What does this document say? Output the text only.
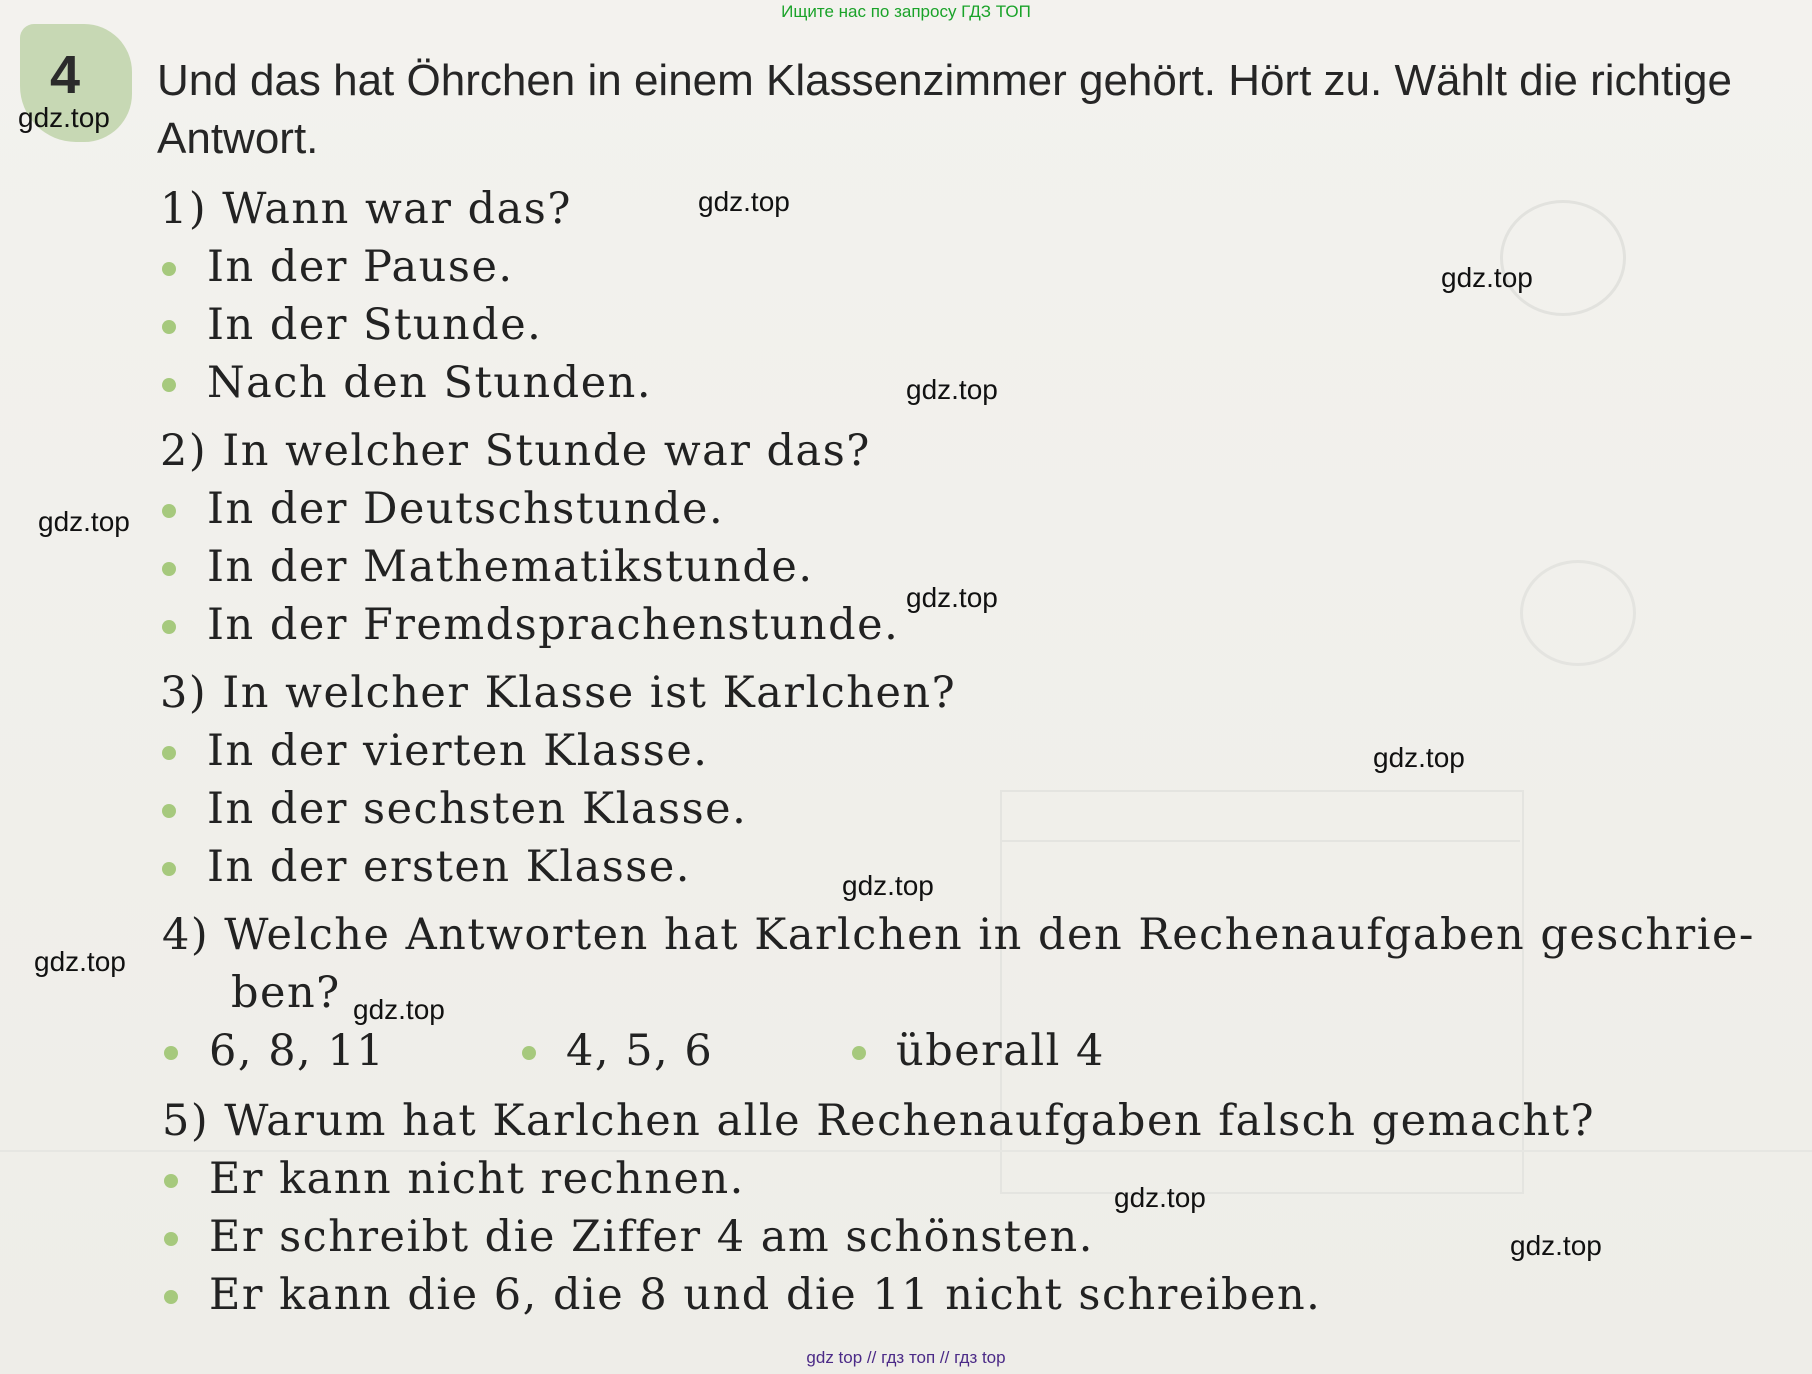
Ищите нас по запросу ГДЗ ТОП
4 Und das hat Öhrchen in einem Klassenzimmer gehört. Hört zu. Wählt die richtige Antwort.
1) Wann war das?
In der Pause.
In der Stunde.
Nach den Stunden.
2) In welcher Stunde war das?
In der Deutschstunde.
In der Mathematikstunde.
In der Fremdsprachenstunde.
3) In welcher Klasse ist Karlchen?
In der vierten Klasse.
In der sechsten Klasse.
In der ersten Klasse.
4) Welche Antworten hat Karlchen in den Rechenaufgaben geschrie-
ben?
6, 8, 11	4, 5, 6	überall 4
5) Warum hat Karlchen alle Rechenaufgaben falsch gemacht?
Er kann nicht rechnen.
Er schreibt die Ziffer 4 am schönsten.
Er kann die 6, die 8 und die 11 nicht schreiben.
gdz.top
gdz.top
gdz.top
gdz.top
gdz.top
gdz.top
gdz.top
gdz.top
gdz.top
gdz.top
gdz.top
gdz.top
gdz top // гдз топ // гдз top
